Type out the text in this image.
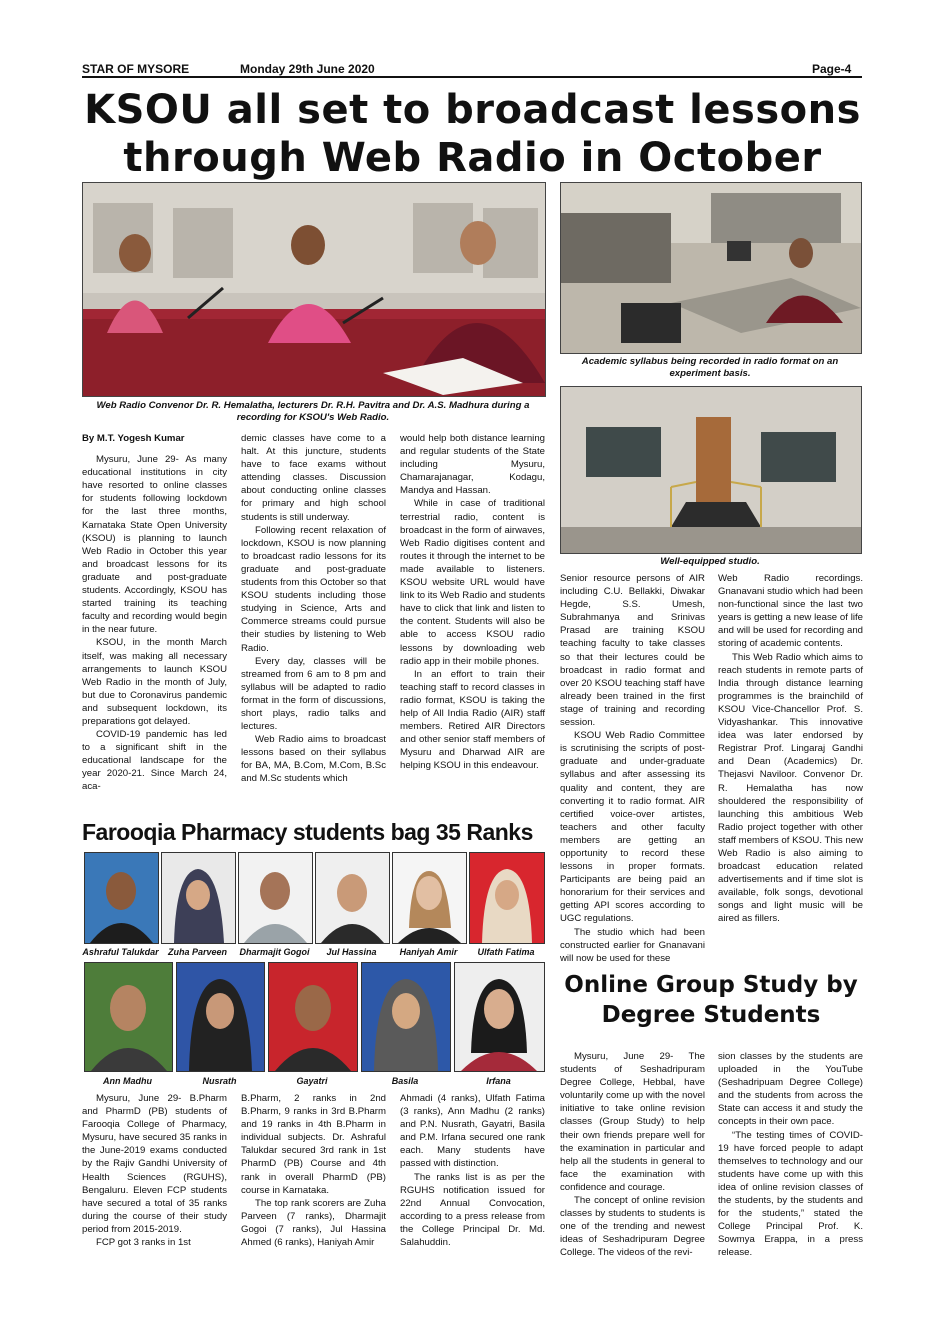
STAR OF MYSORE	Monday 29th June 2020	Page-4
KSOU all set to broadcast lessons
through Web Radio in October
Web Radio Convenor Dr. R. Hemalatha, lecturers Dr. R.H. Pavitra and Dr. A.S. Madhura during a recording for KSOU's Web Radio.
Academic syllabus being recorded in radio format on an experiment basis.
Well-equipped studio.

By M.T. Yogesh Kumar

Mysuru, June 29- As many educational institutions in city have resorted to online classes for students following lockdown for the last three months, Karnataka State Open University (KSOU) is planning to launch Web Radio in October this year and broadcast lessons for its graduate and post-graduate students. Accordingly, KSOU has started training its teaching faculty and recording would begin in the near future.

KSOU, in the month March itself, was making all necessary arrangements to launch KSOU Web Radio in the month of July, but due to Coronavirus pandemic and subsequent lockdown, its preparations got delayed.

COVID-19 pandemic has led to a significant shift in the educational landscape for the year 2020-21. Since March 24, aca-

demic classes have come to a halt. At this juncture, students have to face exams without attending classes. Discussion about conducting online classes for primary and high school students is still underway.

Following recent relaxation of lockdown, KSOU is now planning to broadcast radio lessons for its graduate and post-graduate students from this October so that KSOU students including those studying in Science, Arts and Commerce streams could pursue their studies by listening to Web Radio.

Every day, classes will be streamed from 6 am to 8 pm and syllabus will be adapted to radio format in the form of discussions, short plays, radio talks and lectures.

Web Radio aims to broadcast lessons based on their syllabus for BA, MA, B.Com, M.Com, B.Sc and M.Sc students which

would help both distance learning and regular students of the State including Mysuru, Chamarajanagar, Kodagu, Mandya and Hassan.

While in case of traditional terrestrial radio, content is broadcast in the form of airwaves, Web Radio digitises content and routes it through the internet to be made available to listeners. KSOU website URL would have link to its Web Radio and students have to click that link and listen to the content. Students will also be able to access KSOU radio lessons by downloading web radio app in their mobile phones.

In an effort to train their teaching staff to record classes in radio format, KSOU is taking the help of All India Radio (AIR) staff members. Retired AIR Directors and other senior staff members of Mysuru and Dharwad AIR are helping KSOU in this endeavour.

Senior resource persons of AIR including C.U. Bellakki, Diwakar Hegde, S.S. Umesh, Subrahmanya and Srinivas Prasad are training KSOU teaching faculty to take classes so that their lectures could be broadcast in radio format and over 20 KSOU teaching staff have already been trained in the first stage of training and recording session.

KSOU Web Radio Committee is scrutinising the scripts of post-graduate and under-graduate syllabus and after assessing its quality and content, they are converting it to radio format. AIR certified voice-over artistes, teachers and other faculty members are getting an opportunity to record these lessons in proper formats. Participants are being paid an honorarium for their services and getting API scores according to UGC regulations.

The studio which had been constructed earlier for Gnanavani will now be used for these

Web Radio recordings. Gnanavani studio which had been non-functional since the last two years is getting a new lease of life and will be used for recording and storing of academic contents.

This Web Radio which aims to reach students in remote parts of India through distance learning programmes is the brainchild of KSOU Vice-Chancellor Prof. S. Vidyashankar. This innovative idea was later endorsed by Registrar Prof. Lingaraj Gandhi and Dean (Academics) Dr. Thejasvi Naviloor. Convenor Dr. R. Hemalatha has now shouldered the responsibility of launching this ambitious Web Radio project together with other staff members of KSOU. This new Web Radio is also aiming to broadcast education related advertisements and if time slot is available, folk songs, devotional songs and light music will be aired as fillers.

Farooqia Pharmacy students bag 35 Ranks
Ashraful Talukdar	Zuha Parveen	Dharmajit Gogoi	Jul Hassina	Haniyah Amir	Ulfath Fatima
Ann Madhu	Nusrath	Gayatri	Basila	Irfana

Mysuru, June 29- B.Pharm and PharmD (PB) students of Farooqia College of Pharmacy, Mysuru, have secured 35 ranks in the June-2019 exams conducted by the Rajiv Gandhi University of Health Sciences (RGUHS), Bengaluru. Eleven FCP students have secured a total of 35 ranks during the course of their study period from 2015-2019.

FCP got 3 ranks in 1st

B.Pharm, 2 ranks in 2nd B.Pharm, 9 ranks in 3rd B.Pharm and 19 ranks in 4th B.Pharm in individual subjects. Dr. Ashraful Talukdar secured 3rd rank in 1st PharmD (PB) Course and 4th rank in overall PharmD (PB) course in Karnataka.

The top rank scorers are Zuha Parveen (7 ranks), Dharmajit Gogoi (7 ranks), Jul Hassina Ahmed (6 ranks), Haniyah Amir

Ahmadi (4 ranks), Ulfath Fatima (3 ranks), Ann Madhu (2 ranks) and P.N. Nusrath, Gayatri, Basila and P.M. Irfana secured one rank each. Many students have passed with distinction.

The ranks list is as per the RGUHS notification issued for 22nd Annual Convocation, according to a press release from the College Principal Dr. Md. Salahuddin.

Online Group Study by Degree Students

Mysuru, June 29- The students of Seshadripuram Degree College, Hebbal, have voluntarily come up with the novel initiative to take online revision classes (Group Study) to help their own friends prepare well for the examination in particular and help all the students in general to face the examination with confidence and courage.

The concept of online revision classes by students to students is one of the trending and newest ideas of Seshadripuram Degree College. The videos of the revi-

sion classes by the students are uploaded in the YouTube (Seshadripuam Degree College) and the students from across the State can access it and study the concepts in their own pace.

“The testing times of COVID-19 have forced people to adapt themselves to technology and our students have come up with this idea of online revision classes of the students, by the students and for the students,” stated the College Principal Prof. K. Sowmya Erappa, in a press release.
